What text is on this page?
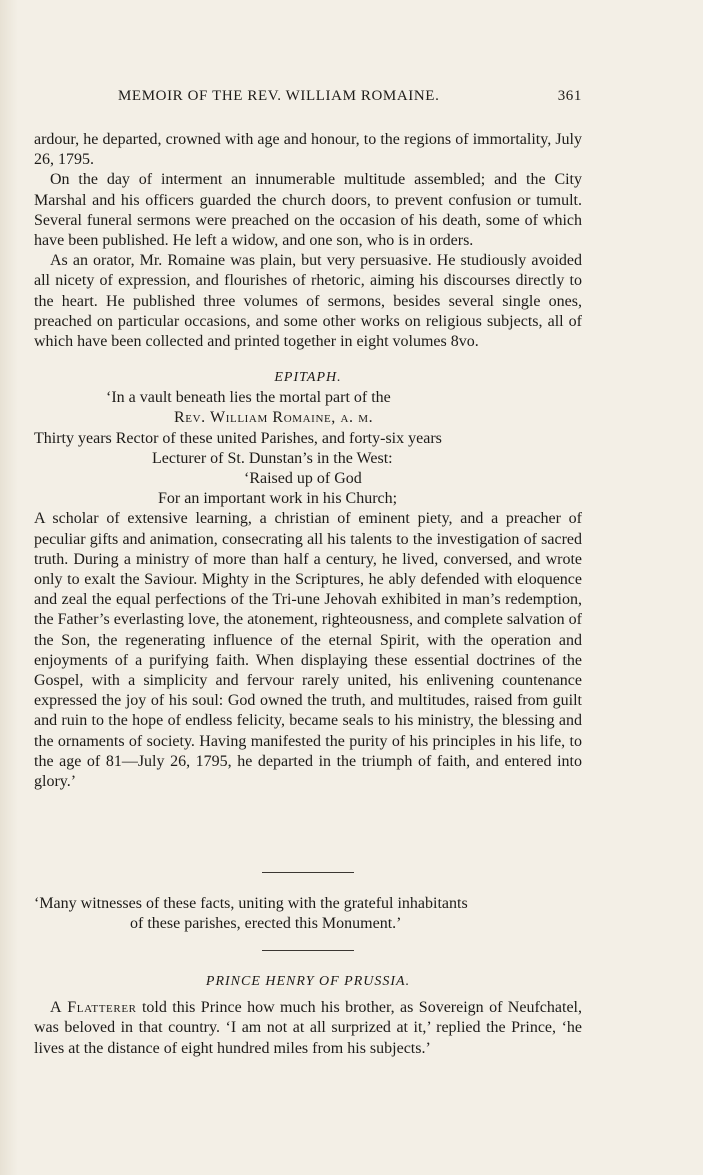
MEMOIR OF THE REV. WILLIAM ROMAINE.	361

ardour, he departed, crowned with age and honour, to the regions of immortality, July 26, 1795.

On the day of interment an innumerable multitude assembled; and the City Marshal and his officers guarded the church doors, to prevent confusion or tumult. Several funeral sermons were preached on the occasion of his death, some of which have been published. He left a widow, and one son, who is in orders.

As an orator, Mr. Romaine was plain, but very persuasive. He studiously avoided all nicety of expression, and flourishes of rhetoric, aiming his discourses directly to the heart. He published three volumes of sermons, besides several single ones, preached on particular occasions, and some other works on religious subjects, all of which have been collected and printed together in eight volumes 8vo.

EPITAPH.

‘In a vault beneath lies the mortal part of the

Rev. William Romaine, a. m.

Thirty years Rector of these united Parishes, and forty-six years

Lecturer of St. Dunstan’s in the West:

‘Raised up of God

For an important work in his Church;

A scholar of extensive learning, a christian of eminent piety, and a preacher of peculiar gifts and animation, consecrating all his talents to the investigation of sacred truth. During a ministry of more than half a century, he lived, conversed, and wrote only to exalt the Saviour. Mighty in the Scriptures, he ably defended with eloquence and zeal the equal perfections of the Tri-une Jehovah exhibited in man’s redemption, the Father’s everlasting love, the atonement, righteousness, and complete salvation of the Son, the regenerating influence of the eternal Spirit, with the operation and enjoyments of a purifying faith. When displaying these essential doctrines of the Gospel, with a simplicity and fervour rarely united, his enlivening countenance expressed the joy of his soul: God owned the truth, and multitudes, raised from guilt and ruin to the hope of endless felicity, became seals to his ministry, the blessing and the ornaments of society. Having manifested the purity of his principles in his life, to the age of 81—July 26, 1795, he departed in the triumph of faith, and entered into glory.’

‘Many witnesses of these facts, uniting with the grateful inhabitants

of these parishes, erected this Monument.’

PRINCE HENRY OF PRUSSIA.

A Flatterer told this Prince how much his brother, as Sovereign of Neufchatel, was beloved in that country. ‘I am not at all surprized at it,’ replied the Prince, ‘he lives at the distance of eight hundred miles from his subjects.’
